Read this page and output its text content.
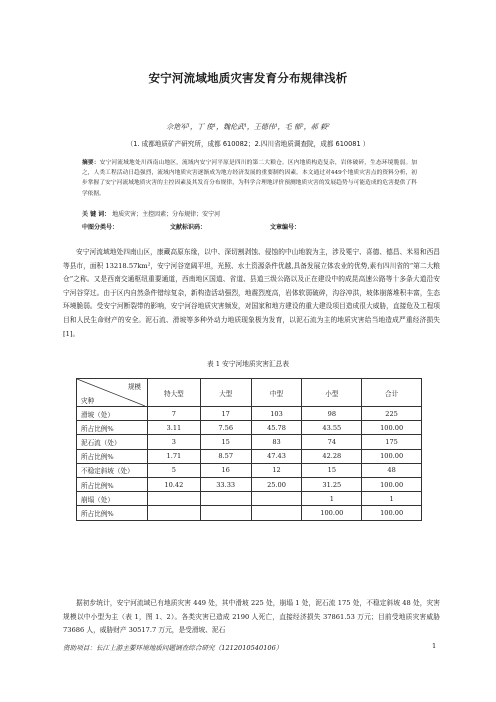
安宁河流域地质灾害发育分布规律浅析
佘艳军¹，丁 俊¹，魏伦武¹，王德伟¹，毛 郁²，郝 毅²
（1. 成都地质矿产研究所，成都 610082；2.四川省地质调查院，成都 610081 ）
摘要：安宁河流域地处川西南山地区，流域内安宁河平原是四川的第二大粮仓。区内地质构造复杂，岩体破碎，生态环境脆弱。加之，人类工程活动日趋强烈，流域内地质灾害逐渐成为地方经济发展的重要制约因素。本文通过对449个地质灾害点的资料分析，初步掌握了安宁河流域地质灾害的主控因素及其发育分布规律，为科学合理地评价预测地质灾害的发展趋势与可能造成的危害提供了科学依据。
关 键 词： 地质灾害；主控因素；分布规律；安宁河
中图分类号：	文献标识码：	文章编号：
安宁河流域地处四南山区，康藏高原东缘，以中、深切割剥蚀、侵蚀的中山地貌为主，涉及冕宁、喜德、德昌、米易和西昌等县市，面积 13218.57km²，安宁河谷宽阔平坦，光照、水土资源条件优越,具备发展立体农业的优势,素有四川省的“第二大粮仓”之称。又是西南交通枢纽重要通道，西南地区国道、省道、县道三级公路以及正在建设中的成昆高速公路等十多条大道沿安宁河谷穿过。由于区内自然条件错综复杂，新构造活动强烈，地震烈度高，岩体软弱破碎，沟谷冲洪，坡体崩落堆积丰富，生态环境脆弱。受安宁河断裂带的影响，安宁河谷地质灾害频发，对国家和地方建设的重大建设项目造成很大威胁，直接危及工程项目和人民生命财产的安全。泥石流、滑坡等多种外动力地质现象极为发育，以泥石流为主的地质灾害给当地造成严重经济损失[1]。
表 1 安宁河地质灾害汇总表
规模
灾种	特大型	大型	中型	小型	合计
滑坡（处）	7	17	103	98	225
所占比例%	3.11	7.56	45.78	43.55	100.00
泥石流（处）	3	15	83	74	175
所占比例%	1.71	8.57	47.43	42.28	100.00
不稳定斜坡（处）	5	16	12	15	48
所占比例%	10.42	33.33	25.00	31.25	100.00
崩塌（处）				1	1
所占比例%				100.00	100.00
据初步统计，安宁河流域已有地质灾害 449 处，其中滑坡 225 处，崩塌 1 处，泥石流 175 处，不稳定斜坡 48 处，灾害规模以中小型为主（表 1，图 1、2）。各类灾害已造成 2190 人死亡，直接经济损失 37861.53 万元；目前受地质灾害威胁 73686 人，威胁财产 30517.7 万元，是受滑坡、泥石
资助项目：长江上游主要环境地质问题调查综合研究（1212010540106）	1
